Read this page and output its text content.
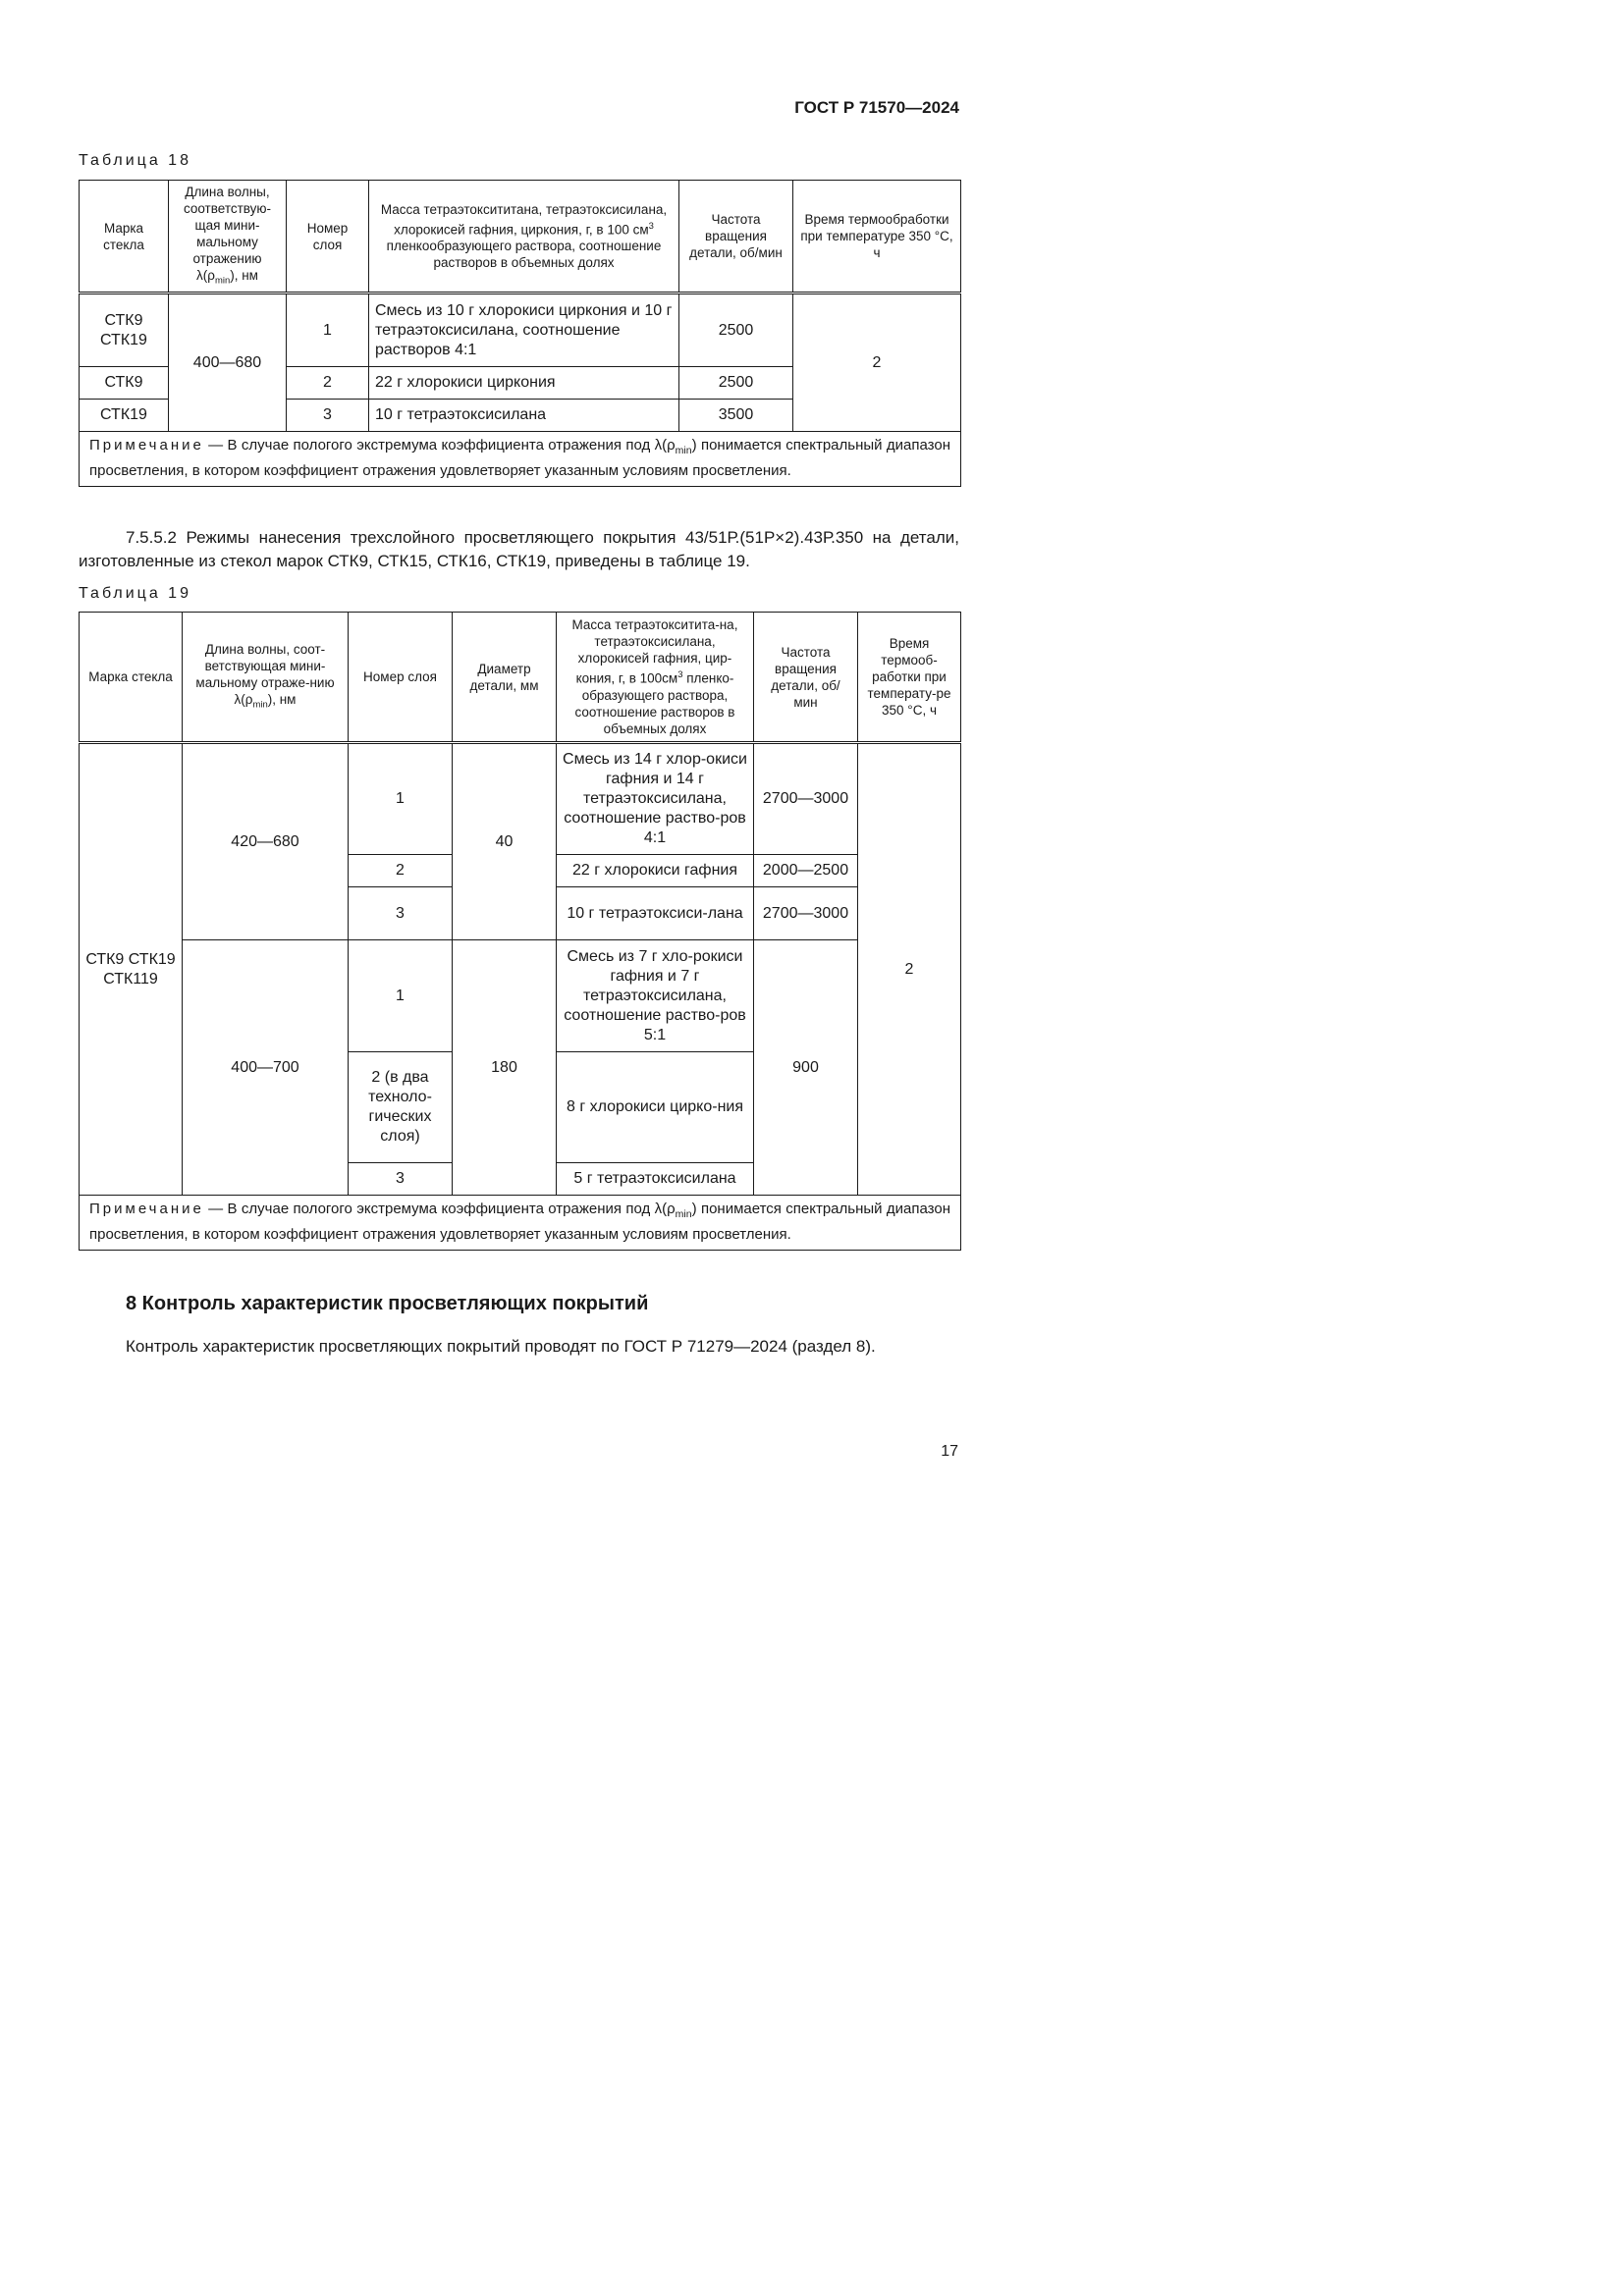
ГОСТ Р 71570—2024
Таблица 18
Марка стекла	Длина волны, соответствую-щая мини-мальному отражению $\lambda(\rho_{min})$, нм	Номер слоя	Масса тетраэтоксититана, тетраэтоксисилана, хлорокисей гафния, циркония, г, в 100 $см^3$ пленкообразующего раствора, соотношение растворов в объемных долях	Частота вращения детали, об/мин	Время термообработки при температуре 350 °С, ч
СТК9 СТК19	400—680	1	Смесь из 10 г хлорокиси циркония и 10 г тетраэтоксисилана, соотношение растворов 4:1	2500	2
СТК9		2	22 г хлорокиси циркония	2500	
СТК19		3	10 г тетраэтоксисилана	3500	
Примечание — В случае пологого экстремума коэффициента отражения под $\lambda(\rho_{min})$ понимается спектральный диапазон просветления, в котором коэффициент отражения удовлетворяет указанным условиям просветления.					
7.5.5.2 Режимы нанесения трехслойного просветляющего покрытия 43/51Р.(51Р×2).43Р.350 на детали, изготовленные из стекол марок СТК9, СТК15, СТК16, СТК19, приведены в таблице 19.
Таблица 19
Марка стекла	Длина волны, соот-ветствующая мини-мальному отраже-нию $\lambda(\rho_{min})$, нм	Номер слоя	Диаметр детали, мм	Масса тетраэтокситита-на, тетраэтоксисилана, хлорокисей гафния, цир-кония, г, в $100см^3$ пленко-образующего раствора, соотношение растворов в объемных долях	Частота вращения детали, об/мин	Время термооб-работки при температу-ре 350 °С, ч
СТК9 СТК19 СТК119	420—680	1	40	Смесь из 14 г хлор-окиси гафния и 14 г тетраэтоксисилана, соотношение раство-ров 4:1	2700—3000	2
		2		22 г хлорокиси гафния	2000—2500	
		3		10 г тетраэтоксиси-лана	2700—3000	
	400—700	1	180	Смесь из 7 г хло-рокиси гафния и 7 г тетраэтоксисилана, соотношение раство-ров 5:1	900	
		2 (в два техноло-гических слоя)		8 г хлорокиси цирко-ния		
		3		5 г тетраэтоксисилана		
Примечание — В случае пологого экстремума коэффициента отражения под $\lambda(\rho_{min})$ понимается спектральный диапазон просветления, в котором коэффициент отражения удовлетворяет указанным условиям просветления.						
8 Контроль характеристик просветляющих покрытий
Контроль характеристик просветляющих покрытий проводят по ГОСТ Р 71279—2024 (раздел 8).
17
